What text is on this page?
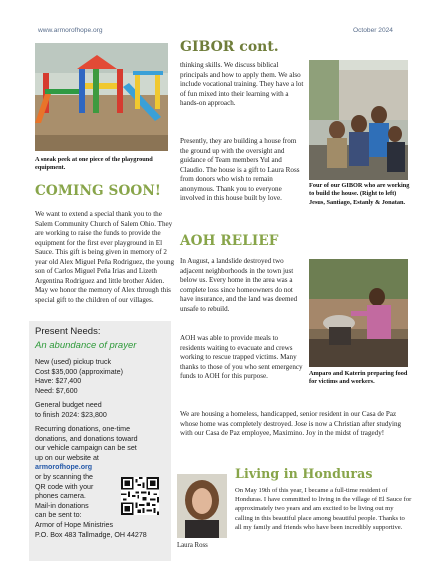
www.armorofhope.org	October 2024
A sneak peek at one piece of the playground equipment.
COMING SOON!
We want to extend a special thank you to the Salem Community Church of Salem Ohio. They are working to raise the funds to provide the equipment for the first ever playground in El Sauce. This gift is being given in memory of 2 year old Alex Miguel Peña Rodriguez, the young son of Carlos Miguel Peña Irias and Lizeth Argentina Rodriguez and little brother Aiden. May we honor the memory of Alex through this special gift to the children of our villages.
Present Needs:
An abundance of prayer
New (used) pickup truck
Cost $35,000 (approximate)
Have: $27,400
Need: $7,600
General budget need
to finish 2024: $23,800
Recurring donations, one-time
donations, and donations toward
our vehicle campaign can be set
up on our website at
armorofhope.org
or by scanning the
QR code with your
phones camera.
Mail-in donations
can be sent to:
Armor of Hope Ministries
P.O. Box 483 Tallmadge, OH 44278
GIBOR cont.
thinking skills. We discuss biblical principals and how to apply them. We also include vocational training. They have a lot of fun mixed into their learning with a hands-on approach.
Presently, they are building a house from the ground up with the oversight and guidance of Team members Yul and Claudio. The house is a gift to Laura Ross from donors who wish to remain anonymous. Thank you to everyone involved in this house built by love.
Four of our GIBOR who are working to build the house. (Right to left) Jesus, Santiago, Estanly & Jonatan.
AOH RELIEF
In August, a landslide destroyed two adjacent neighborhoods in the town just below us. Every home in the area was a complete loss since homeowners do not have insurance, and the land was deemed unsafe to rebuild.
AOH was able to provide meals to residents waiting to evacuate and crews working to rescue trapped victims. Many thanks to those of you who sent emergency funds to AOH for this purpose.	Amparo and Katerin preparing food for victims and workers.
We are housing a homeless, handicapped, senior resident in our Casa de Paz whose home was completely destroyed. Jose is now a Christian after studying with our Casa de Paz employee, Maximino. Joy in the midst of tragedy!
Laura Ross
Living in Honduras
On May 19th of this year, I became a full-time resident of Honduras. I have committed to living in the village of El Sauce for approximately two years and am excited to be living out my calling in this beautiful place among beautiful people. Thanks to all my family and friends who have been incredibly supportive.
